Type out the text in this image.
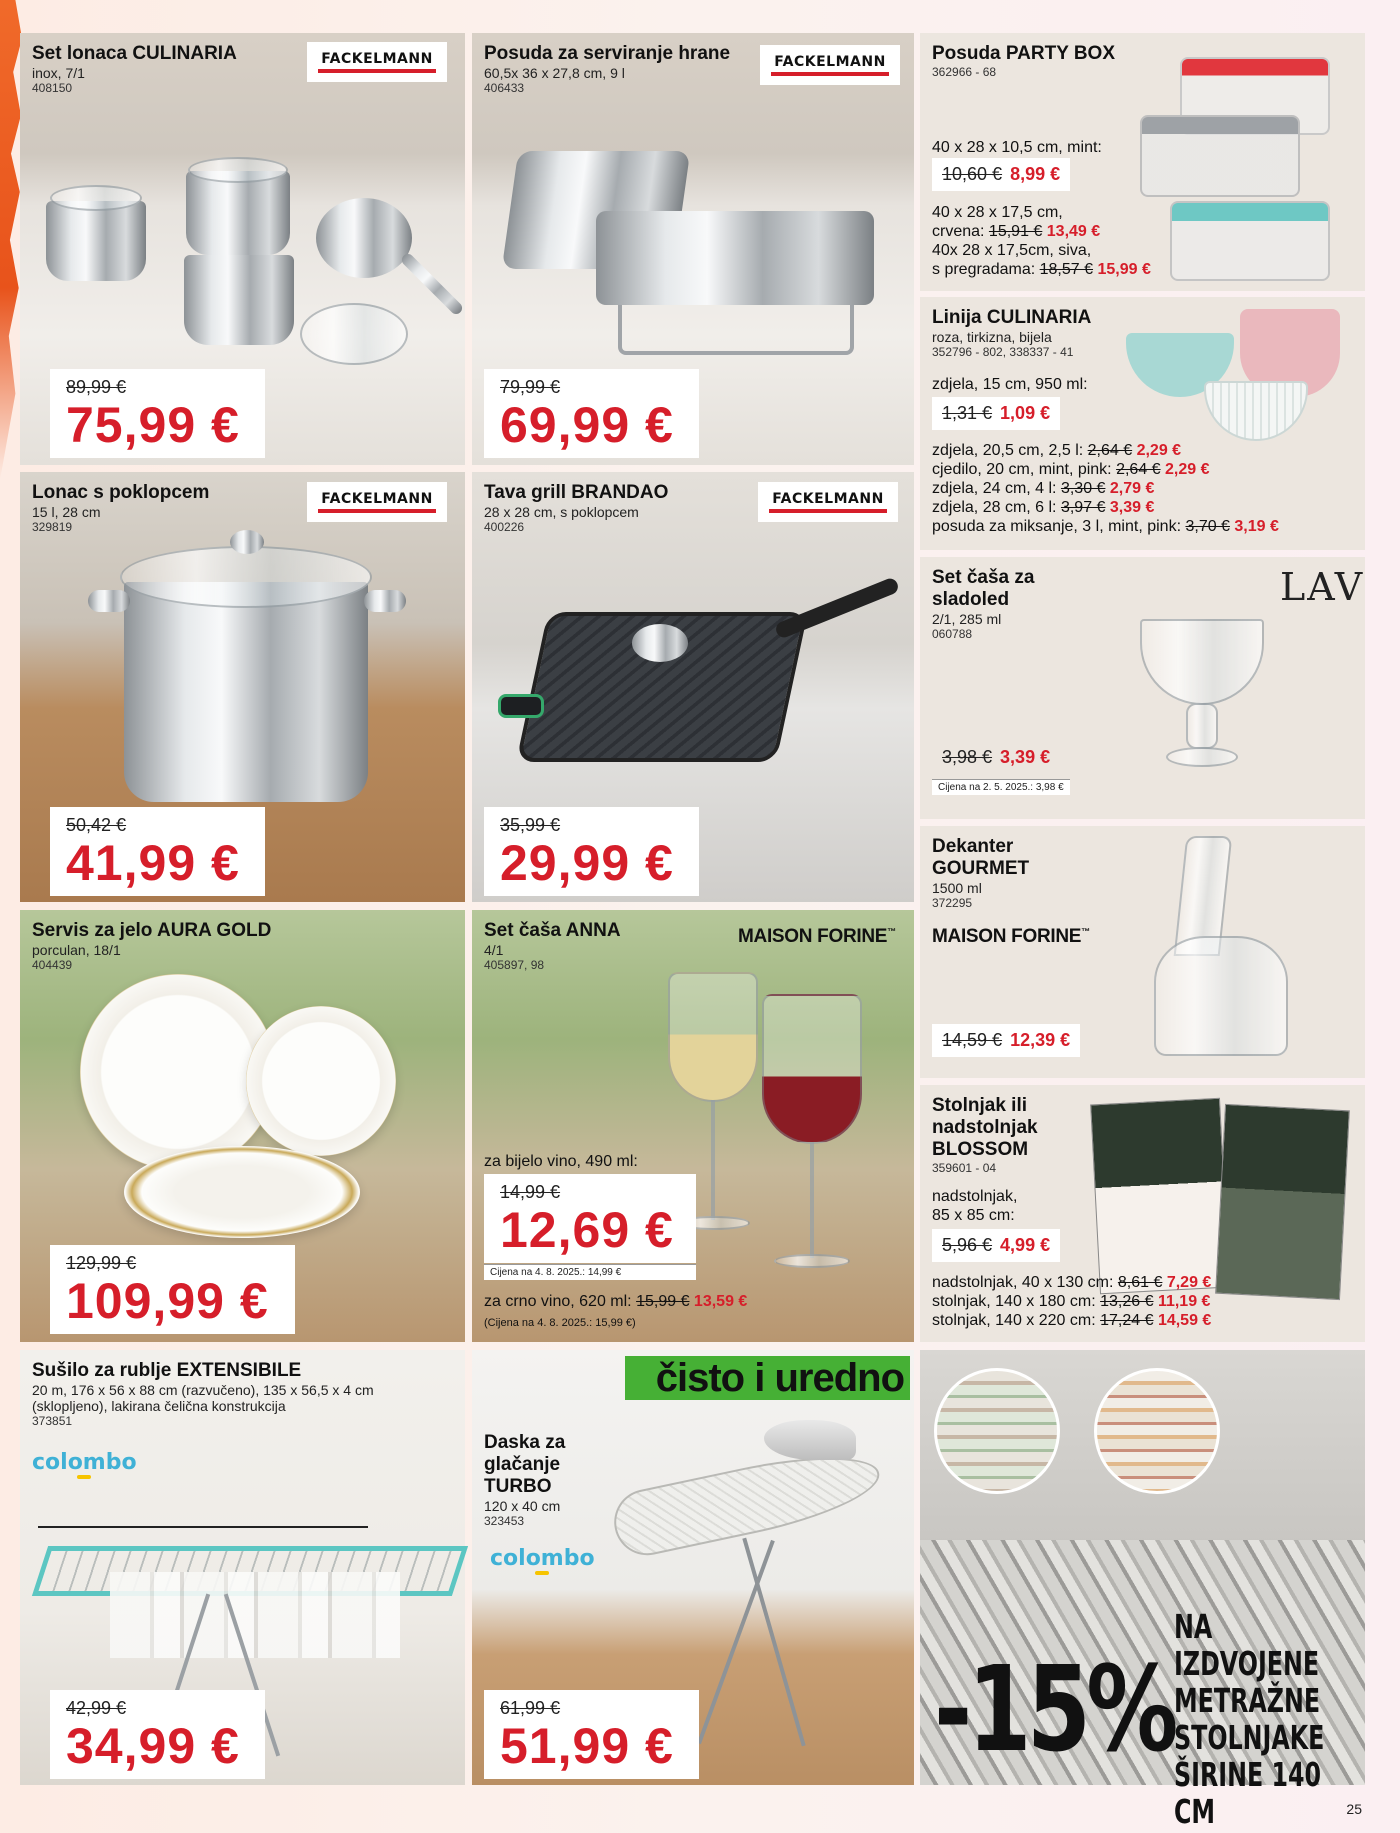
Set lonaca CULINARIA
inox, 7/1
408150
FACKELMANN
89,99 €
75,99 €
Posuda za serviranje hrane
60,5x 36 x 27,8 cm, 9 l
406433
FACKELMANN
79,99 €
69,99 €
Posuda PARTY BOX
362966 - 68
40 x 28 x 10,5 cm, mint:
10,60 € 8,99 €
40 x 28 x 17,5 cm,
crvena: 15,91 € 13,49 €
40x 28 x 17,5cm, siva,
s pregradama: 18,57 € 15,99 €
Linija CULINARIA
roza, tirkizna, bijela
352796 - 802, 338337 - 41
zdjela, 15 cm, 950 ml:
1,31 € 1,09 €
zdjela, 20,5 cm, 2,5 l: 2,64 € 2,29 €
cjedilo, 20 cm, mint, pink: 2,64 € 2,29 €
zdjela, 24 cm, 4 l: 3,30 € 2,79 €
zdjela, 28 cm, 6 l: 3,97 € 3,39 €
posuda za miksanje, 3 l, mint, pink: 3,70 € 3,19 €
Lonac s poklopcem
15 l, 28 cm
329819
FACKELMANN
50,42 €
41,99 €
Tava grill BRANDAO
28 x 28 cm, s poklopcem
400226
FACKELMANN
35,99 €
29,99 €
Set čaša za
sladoled
2/1, 285 ml
060788
LAV
3,98 € 3,39 €
Cijena na 2. 5. 2025.: 3,98 €
Dekanter
GOURMET
1500 ml
372295
MAISON FORINE™
14,59 € 12,39 €
Servis za jelo AURA GOLD
porculan, 18/1
404439
129,99 €
109,99 €
Set čaša ANNA
4/1
405897, 98
MAISON FORINE™
za bijelo vino, 490 ml:
14,99 €
12,69 €
Cijena na 4. 8. 2025.: 14,99 €
za crno vino, 620 ml: 15,99 € 13,59 €
(Cijena na 4. 8. 2025.: 15,99 €)
Stolnjak ili
nadstolnjak
BLOSSOM
359601 - 04
nadstolnjak,
85 x 85 cm:
5,96 € 4,99 €
nadstolnjak, 40 x 130 cm: 8,61 € 7,29 €
stolnjak, 140 x 180 cm: 13,26 € 11,19 €
stolnjak, 140 x 220 cm: 17,24 € 14,59 €
Sušilo za rublje EXTENSIBILE
20 m, 176 x 56 x 88 cm (razvučeno), 135 x 56,5 x 4 cm
(sklopljeno), lakirana čelična konstrukcija
373851
colombo
42,99 €
34,99 €
Daska za
glačanje
TURBO
120 x 40 cm
323453
colombo
61,99 €
51,99 €
čisto i uredno
-15%
NA IZDVOJENE
METRAŽNE
STOLNJAKE
ŠIRINE 140 CM	25
